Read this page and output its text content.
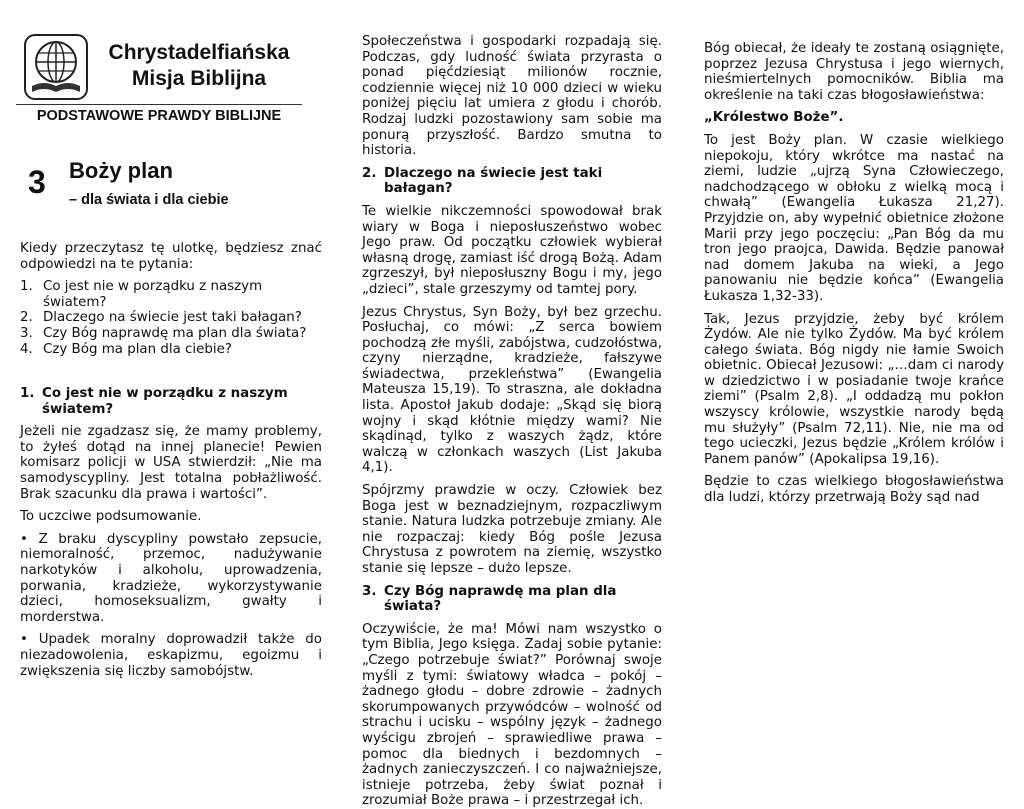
Chrystadelfiańska
Misja Biblijna
PODSTAWOWE PRAWDY BIBLIJNE
3 Boży plan
– dla świata i dla ciebie

Kiedy przeczytasz tę ulotkę, będziesz znać odpowiedzi na te pytania:

1. Co jest nie w porządku z naszym światem?
2. Dlaczego na świecie jest taki bałagan?
3. Czy Bóg naprawdę ma plan dla świata?
4. Czy Bóg ma plan dla ciebie?
1. Co jest nie w porządku z naszym światem?

Jeżeli nie zgadzasz się, że mamy problemy, to żyłeś dotąd na innej planecie! Pewien komisarz policji w USA stwierdził: „Nie ma samodyscypliny. Jest totalna pobłażliwość. Brak szacunku dla prawa i wartości”.

To uczciwe podsumowanie.

• Z braku dyscypliny powstało zepsucie, niemoralność, przemoc, nadużywanie narkotyków i alkoholu, uprowadzenia, porwania, kradzieże, wykorzystywanie dzieci, homoseksualizm, gwałty i morderstwa.

• Upadek moralny doprowadził także do niezadowolenia, eskapizmu, egoizmu i zwiększenia się liczby samobójstw.

Społeczeństwa i gospodarki rozpadają się. Podczas, gdy ludność świata przyrasta o ponad pięćdziesiąt milionów rocznie, codziennie więcej niż 10 000 dzieci w wieku poniżej pięciu lat umiera z głodu i chorób. Rodzaj ludzki pozostawiony sam sobie ma ponurą przyszłość. Bardzo smutna to historia.

2. Dlaczego na świecie jest taki bałagan?

Te wielkie nikczemności spowodował brak wiary w Boga i nieposłuszeństwo wobec Jego praw. Od początku człowiek wybierał własną drogę, zamiast iść drogą Bożą. Adam zgrzeszył, był nieposłuszny Bogu i my, jego „dzieci”, stale grzeszymy od tamtej pory.

Jezus Chrystus, Syn Boży, był bez grzechu. Posłuchaj, co mówi: „Z serca bowiem pochodzą złe myśli, zabójstwa, cudzołóstwa, czyny nierządne, kradzieże, fałszywe świadectwa, przekleństwa” (Ewangelia Mateusza 15,19). To straszna, ale dokładna lista. Apostoł Jakub dodaje: „Skąd się biorą wojny i skąd kłótnie między wami? Nie skądinąd, tylko z waszych żądz, które walczą w członkach waszych (List Jakuba 4,1).

Spójrzmy prawdzie w oczy. Człowiek bez Boga jest w beznadziejnym, rozpaczliwym stanie. Natura ludzka potrzebuje zmiany. Ale nie rozpaczaj: kiedy Bóg pośle Jezusa Chrystusa z powrotem na ziemię, wszystko stanie się lepsze – dużo lepsze.

3. Czy Bóg naprawdę ma plan dla świata?

Oczywiście, że ma! Mówi nam wszystko o tym Biblia, Jego księga. Zadaj sobie pytanie: „Czego potrzebuje świat?” Porównaj swoje myśli z tymi: światowy władca – pokój – żadnego głodu – dobre zdrowie – żadnych skorumpowanych przywódców – wolność od strachu i ucisku – wspólny język – żadnego wyścigu zbrojeń – sprawiedliwe prawa – pomoc dla biednych i bezdomnych – żadnych zanieczyszczeń. I co najważniejsze, istnieje potrzeba, żeby świat poznał i zrozumiał Boże prawa – i przestrzegał ich.

Bóg obiecał, że ideały te zostaną osiągnięte, poprzez Jezusa Chrystusa i jego wiernych, nieśmiertelnych pomocników. Biblia ma określenie na taki czas błogosławieństwa:

„Królestwo Boże”.

To jest Boży plan. W czasie wielkiego niepokoju, który wkrótce ma nastać na ziemi, ludzie „ujrzą Syna Człowieczego, nadchodzącego w obłoku z wielką mocą i chwałą” (Ewangelia Łukasza 21,27). Przyjdzie on, aby wypełnić obietnice złożone Marii przy jego poczęciu: „Pan Bóg da mu tron jego praojca, Dawida. Będzie panował nad domem Jakuba na wieki, a Jego panowaniu nie będzie końca” (Ewangelia Łukasza 1,32-33).

Tak, Jezus przyjdzie, żeby być królem Żydów. Ale nie tylko Żydów. Ma być królem całego świata. Bóg nigdy nie łamie Swoich obietnic. Obiecał Jezusowi: „…dam ci narody w dziedzictwo i w posiadanie twoje krańce ziemi” (Psalm 2,8). „I oddadzą mu pokłon wszyscy królowie, wszystkie narody będą mu służyły” (Psalm 72,11). Nie, nie ma od tego ucieczki, Jezus będzie „Królem królów i Panem panów” (Apokalipsa 19,16).

Będzie to czas wielkiego błogosławieństwa dla ludzi, którzy przetrwają Boży sąd nad
